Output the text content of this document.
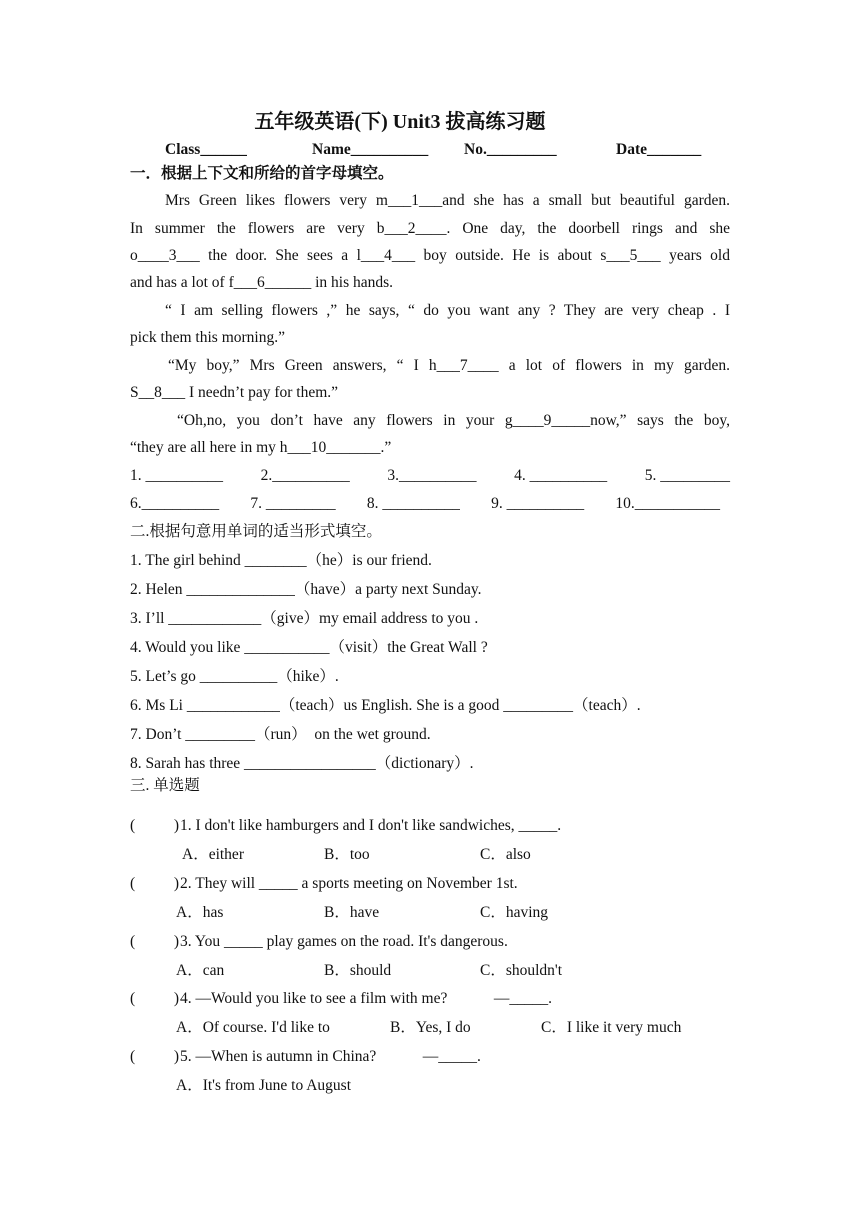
五年级英语(下) Unit3 拔高练习题
Class______	Name__________ No._________	Date_______
一．根据上下文和所给的首字母填空。
Mrs Green likes flowers very m___1___and she has a small but beautiful garden.
In summer the flowers are very b___2____. One day, the doorbell rings and she
o____3___ the door. She sees a l___4___ boy outside. He is about s___5___ years old
and has a lot of f___6______ in his hands.
“ I am selling flowers ,” he says, “ do you want any ? They are very cheap . I
pick them this morning.”
“My boy,” Mrs Green answers, “ I h___7____ a lot of flowers in my garden.
S__8___ I needn’t pay for them.”
“Oh,no, you don’t have any flowers in your g____9_____now,” says the boy,
“they are all here in my h___10_______.”
1. __________ 2.__________ 3.__________ 4. __________ 5. _________
6.__________ 7. _________ 8. __________ 9. __________ 10.___________
二.根据句意用单词的适当形式填空。
1. The girl behind ________（he）is our friend.
2. Helen ______________（have）a party next Sunday.
3. I’ll ____________（give）my email address to you .
4. Would you like ___________（visit）the Great Wall ?
5. Let’s go __________（hike）.
6. Ms Li ____________（teach）us English. She is a good _________（teach）.
7. Don’t _________（run）  on the wet ground.
8. Sarah has three _________________（dictionary）.
三. 单选题
(          ) 1. I don't like hamburgers and I don't like sandwiches, _____.

A．either

	B．too

	C．also

(          ) 2. They will _____ a sports meeting on November 1st.

A．has

	B．have

	C．having

(          ) 3. You _____ play games on the road. It's dangerous.

A．can

	B．should

	C．shouldn't

(          ) 4. —Would you like to see a film with me?            —_____.

A．Of course. I'd like to

	B．Yes, I do

	C．I like it very much

(          ) 5. —When is autumn in China?            —_____.

A．It's from June to August
